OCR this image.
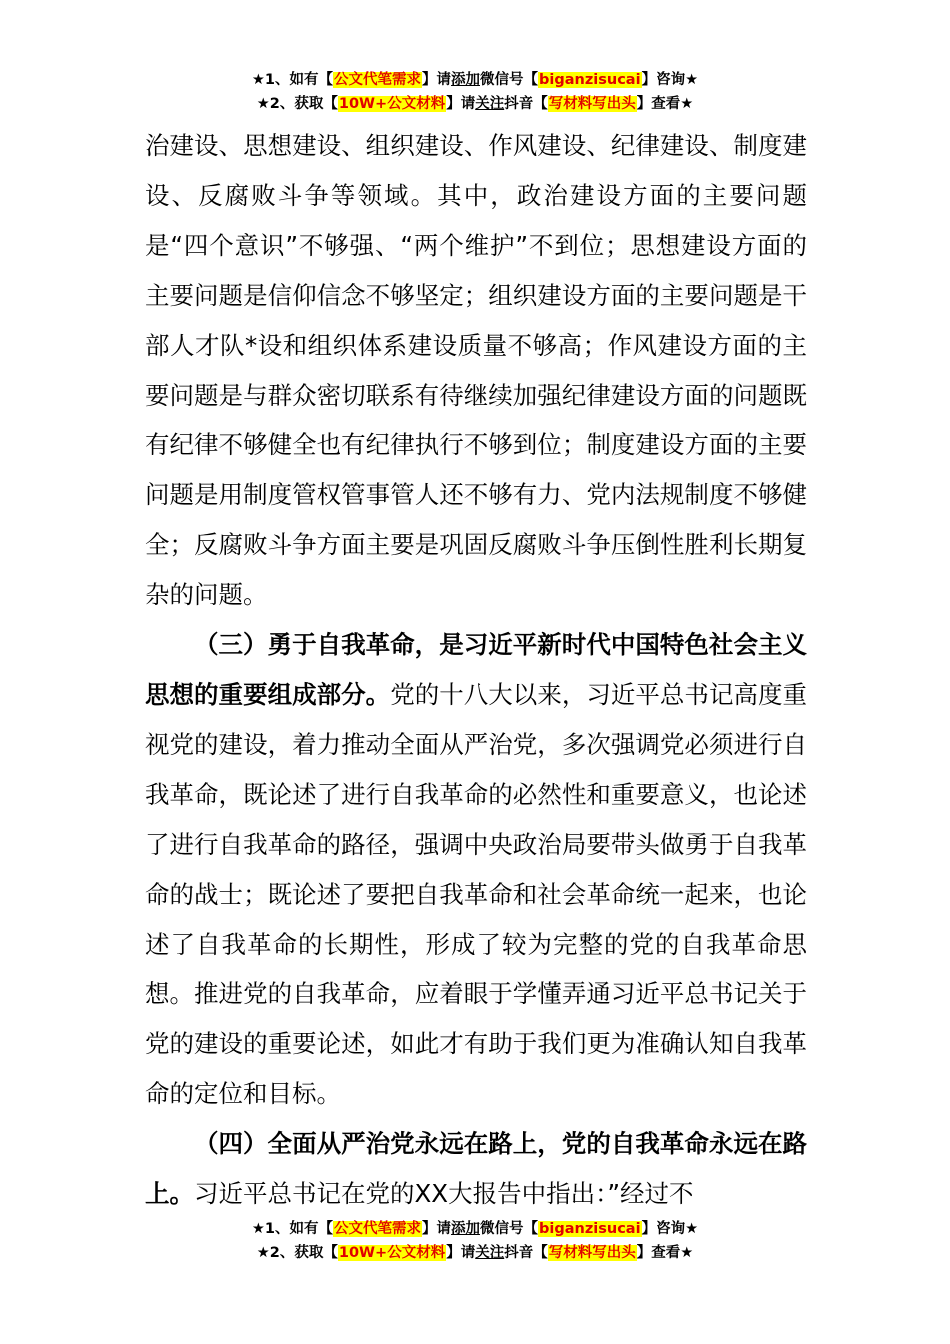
★1、如有【公文代笔需求】请添加微信号【biganzisucai】咨询★
★2、获取【10W+公文材料】请关注抖音【写材料写出头】查看★

治建设、思想建设、组织建设、作风建设、纪律建设、制度建设、反腐败斗争等领域。其中，政治建设方面的主要问题是“四个意识”不够强、“两个维护”不到位；思想建设方面的主要问题是信仰信念不够坚定；组织建设方面的主要问题是干部人才队*设和组织体系建设质量不够高；作风建设方面的主要问题是与群众密切联系有待继续加强纪律建设方面的问题既有纪律不够健全也有纪律执行不够到位；制度建设方面的主要问题是用制度管权管事管人还不够有力、党内法规制度不够健全；反腐败斗争方面主要是巩固反腐败斗争压倒性胜利长期复杂的问题。

（三）勇于自我革命，是习近平新时代中国特色社会主义思想的重要组成部分。党的十八大以来，习近平总书记高度重视党的建设，着力推动全面从严治党，多次强调党必须进行自我革命，既论述了进行自我革命的必然性和重要意义，也论述了进行自我革命的路径，强调中央政治局要带头做勇于自我革命的战士；既论述了要把自我革命和社会革命统一起来，也论述了自我革命的长期性，形成了较为完整的党的自我革命思想。推进党的自我革命，应着眼于学懂弄通习近平总书记关于党的建设的重要论述，如此才有助于我们更为准确认知自我革命的定位和目标。

（四）全面从严治党永远在路上，党的自我革命永远在路上。习近平总书记在党的XX大报告中指出：”经过不

★1、如有【公文代笔需求】请添加微信号【biganzisucai】咨询★
★2、获取【10W+公文材料】请关注抖音【写材料写出头】查看★
